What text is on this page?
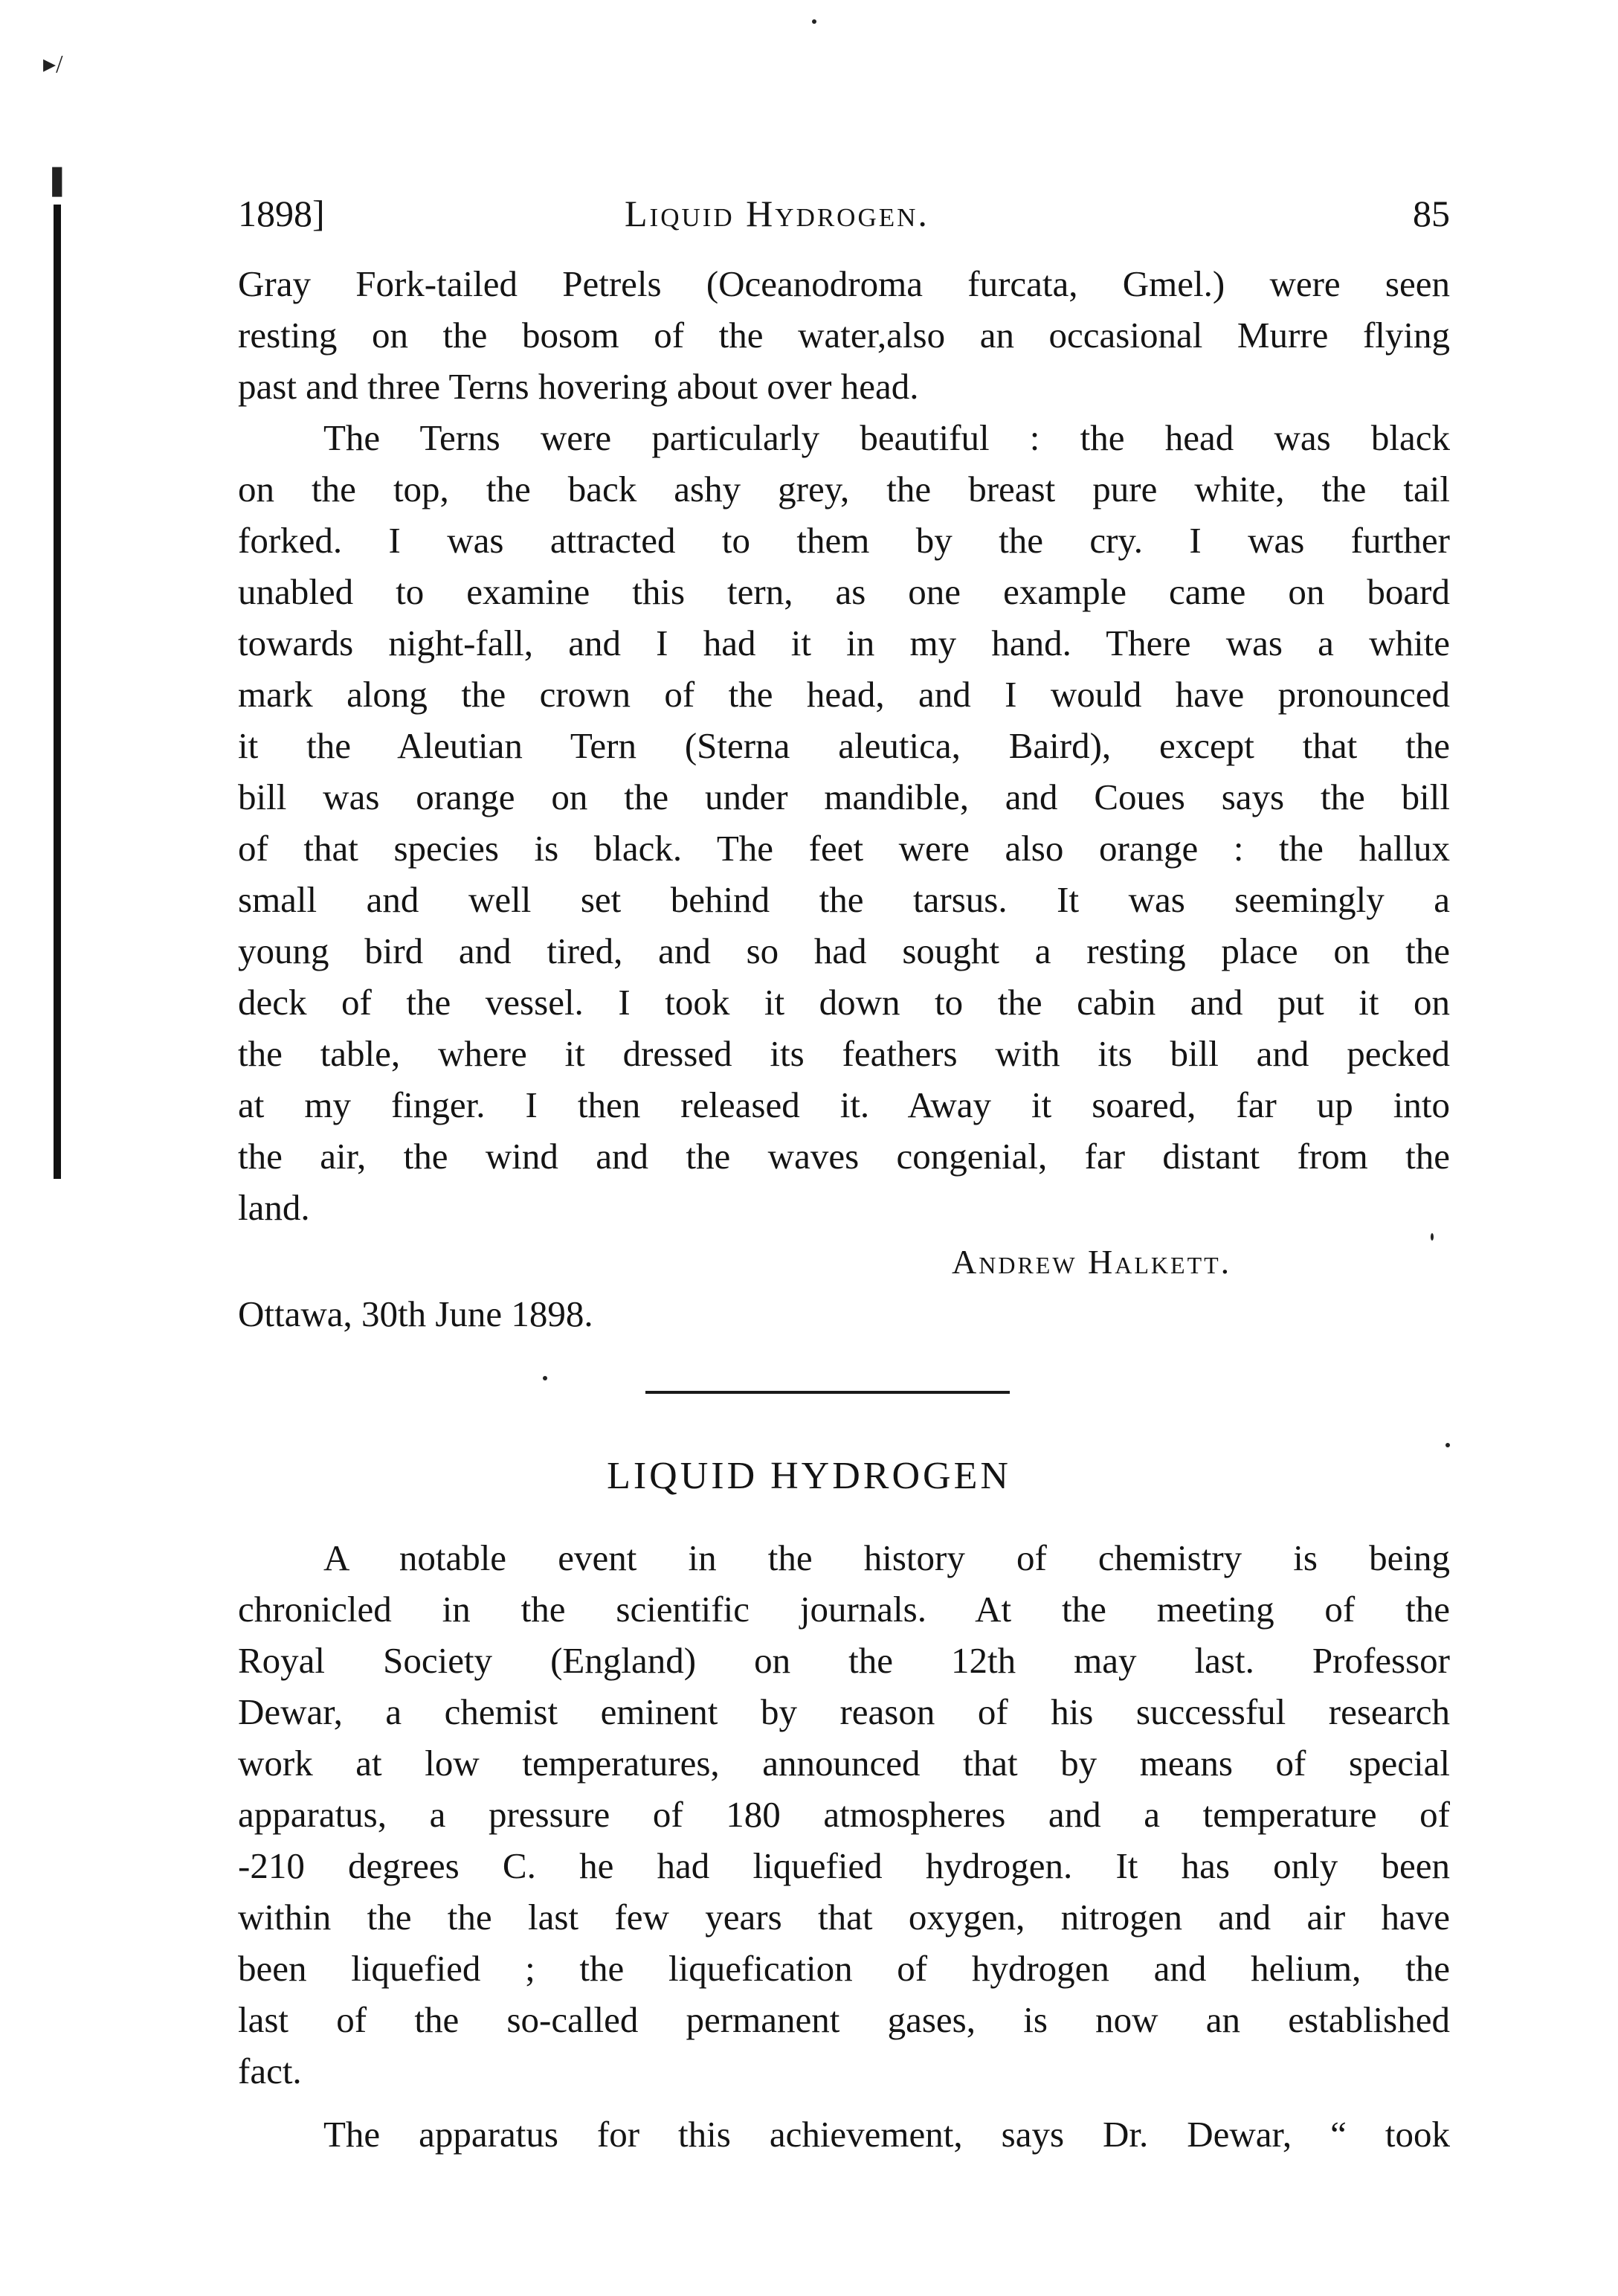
▸/
❚
1898]	Liquid Hydrogen.	85
Gray Fork-tailed Petrels (Oceanodroma furcata, Gmel.) were seen
resting on the bosom of the water,also an occasional Murre flying
past and three Terns hovering about over head.
The Terns were particularly beautiful : the head was black
on the top, the back ashy grey, the breast pure white, the tail
forked. I was attracted to them by the cry. I was further
unabled to examine this tern, as one example came on board
towards night-fall, and I had it in my hand. There was a white
mark along the crown of the head, and I would have pronounced
it the Aleutian Tern (Sterna aleutica, Baird), except that the
bill was orange on the under mandible, and Coues says the bill
of that species is black. The feet were also orange : the hallux
small and well set behind the tarsus. It was seemingly a
young bird and tired, and so had sought a resting place on the
deck of the vessel. I took it down to the cabin and put it on
the table, where it dressed its feathers with its bill and pecked
at my finger. I then released it. Away it soared, far up into
the air, the wind and the waves congenial, far distant from the
land.
Andrew Halkett.
Ottawa, 30th June 1898.
LIQUID HYDROGEN
A notable event in the history of chemistry is being
chronicled in the scientific journals. At the meeting of the
Royal Society (England) on the 12th may last. Professor
Dewar, a chemist eminent by reason of his successful research
work at low temperatures, announced that by means of special
apparatus, a pressure of 180 atmospheres and a temperature of
-210 degrees C. he had liquefied hydrogen. It has only been
within the the last few years that oxygen, nitrogen and air have
been liquefied ; the liquefication of hydrogen and helium, the
last of the so-called permanent gases, is now an established
fact.
The apparatus for this achievement, says Dr. Dewar, “ took
